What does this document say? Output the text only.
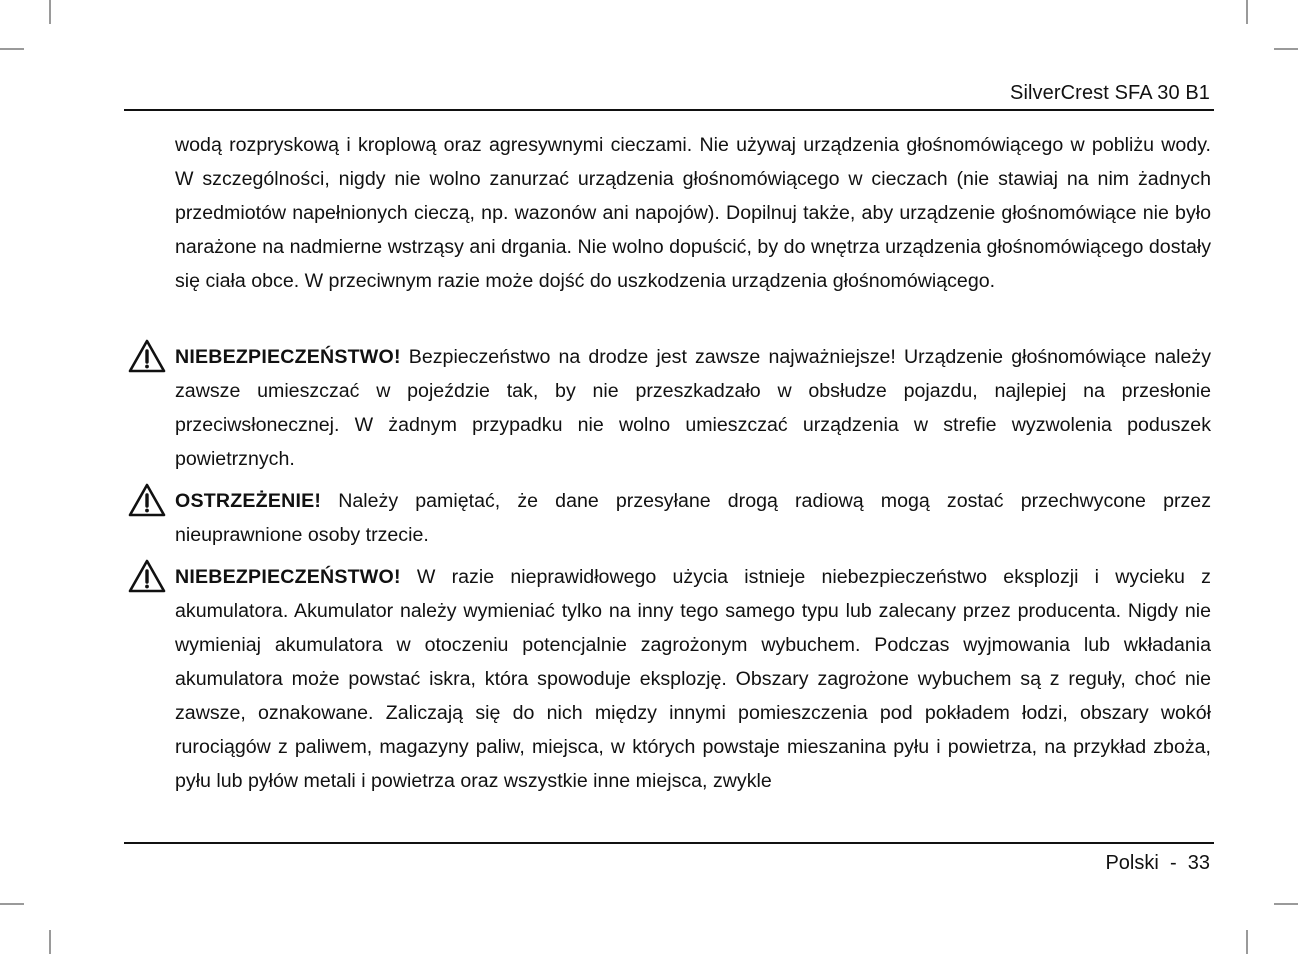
SilverCrest SFA 30 B1
wodą rozpryskową i kroplową oraz agresywnymi cieczami. Nie używaj urządzenia głośnomówiącego w pobliżu wody. W szczególności, nigdy nie wolno zanurzać urządzenia głośnomówiącego w cieczach (nie stawiaj na nim żadnych przedmiotów napełnionych cieczą, np. wazonów ani napojów). Dopilnuj także, aby urządzenie głośnomówiące nie było narażone na nadmierne wstrząsy ani drgania. Nie wolno dopuścić, by do wnętrza urządzenia głośnomówiącego dostały się ciała obce. W przeciwnym razie może dojść do uszkodzenia urządzenia głośnomówiącego.
NIEBEZPIECZEŃSTWO! Bezpieczeństwo na drodze jest zawsze najważniejsze! Urządzenie głośnomówiące należy zawsze umieszczać w pojeździe tak, by nie przeszkadzało w obsłudze pojazdu, najlepiej na przesłonie przeciwsłonecznej. W żadnym przypadku nie wolno umieszczać urządzenia w strefie wyzwolenia poduszek powietrznych.
OSTRZEŻENIE! Należy pamiętać, że dane przesyłane drogą radiową mogą zostać przechwycone przez nieuprawnione osoby trzecie.
NIEBEZPIECZEŃSTWO! W razie nieprawidłowego użycia istnieje niebezpieczeństwo eksplozji i wycieku z akumulatora. Akumulator należy wymieniać tylko na inny tego samego typu lub zalecany przez producenta. Nigdy nie wymieniaj akumulatora w otoczeniu potencjalnie zagrożonym wybuchem. Podczas wyjmowania lub wkładania akumulatora może powstać iskra, która spowoduje eksplozję. Obszary zagrożone wybuchem są z reguły, choć nie zawsze, oznakowane. Zaliczają się do nich między innymi pomieszczenia pod pokładem łodzi, obszary wokół rurociągów z paliwem, magazyny paliw, miejsca, w których powstaje mieszanina pyłu i powietrza, na przykład zboża, pyłu lub pyłów metali i powietrza oraz wszystkie inne miejsca, zwykle
Polski - 33
